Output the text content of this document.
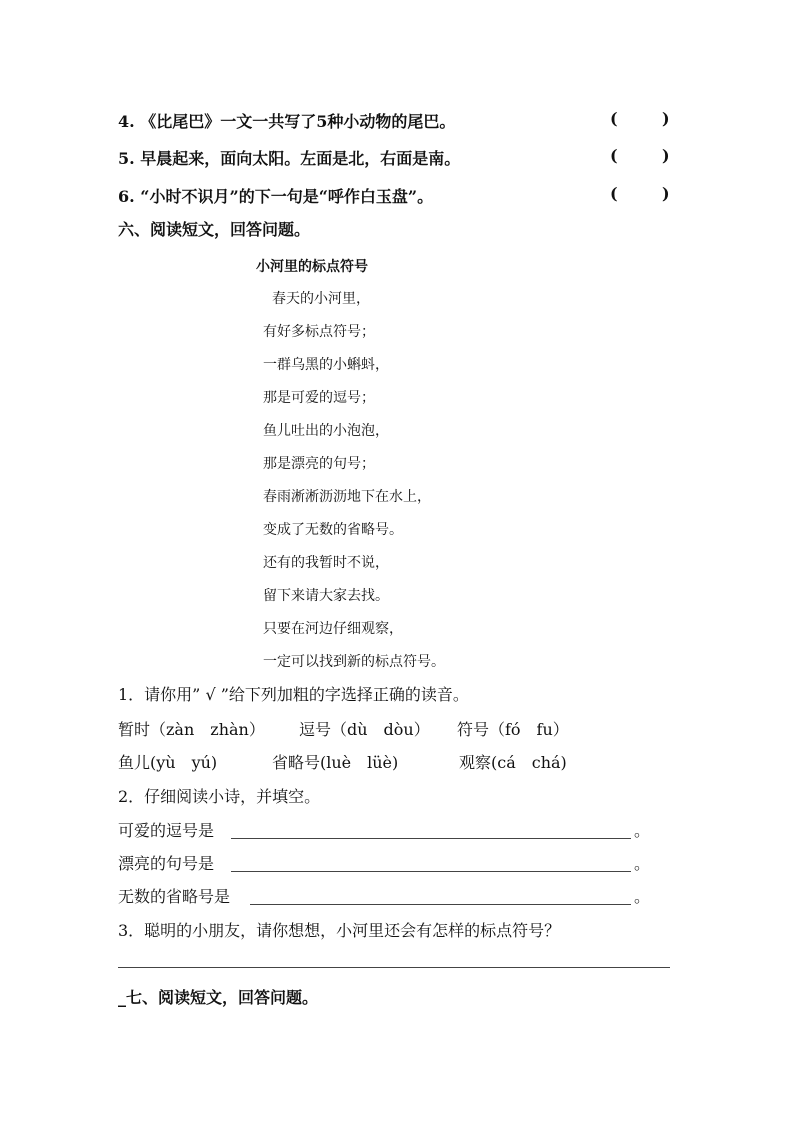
4. 《比尾巴》一文一共写了5种小动物的尾巴。	(	)
5. 早晨起来，面向太阳。左面是北，右面是南。	(	)
6. “小时不识月”的下一句是“呼作白玉盘”。	(	)
六、阅读短文，回答问题。
小河里的标点符号
春天的小河里，
有好多标点符号；
一群乌黑的小蝌蚪，
那是可爱的逗号；
鱼儿吐出的小泡泡，
那是漂亮的句号；
春雨淅淅沥沥地下在水上，
变成了无数的省略号。
还有的我暂时不说，
留下来请大家去找。
只要在河边仔细观察，
一定可以找到新的标点符号。
1．请你用” √ ”给下列加粗的字选择正确的读音。
暂时（zàn　zhàn） 逗号（dù　dòu） 符号（fó　fu）
鱼儿(yù　yú)	省略号(luè　lüè)	观察(cá　chá)
2．仔细阅读小诗，并填空。
可爱的逗号是	。
漂亮的句号是	。
无数的省略号是	。
3．聪明的小朋友，请你想想，小河里还会有怎样的标点符号？
_七、阅读短文，回答问题。
